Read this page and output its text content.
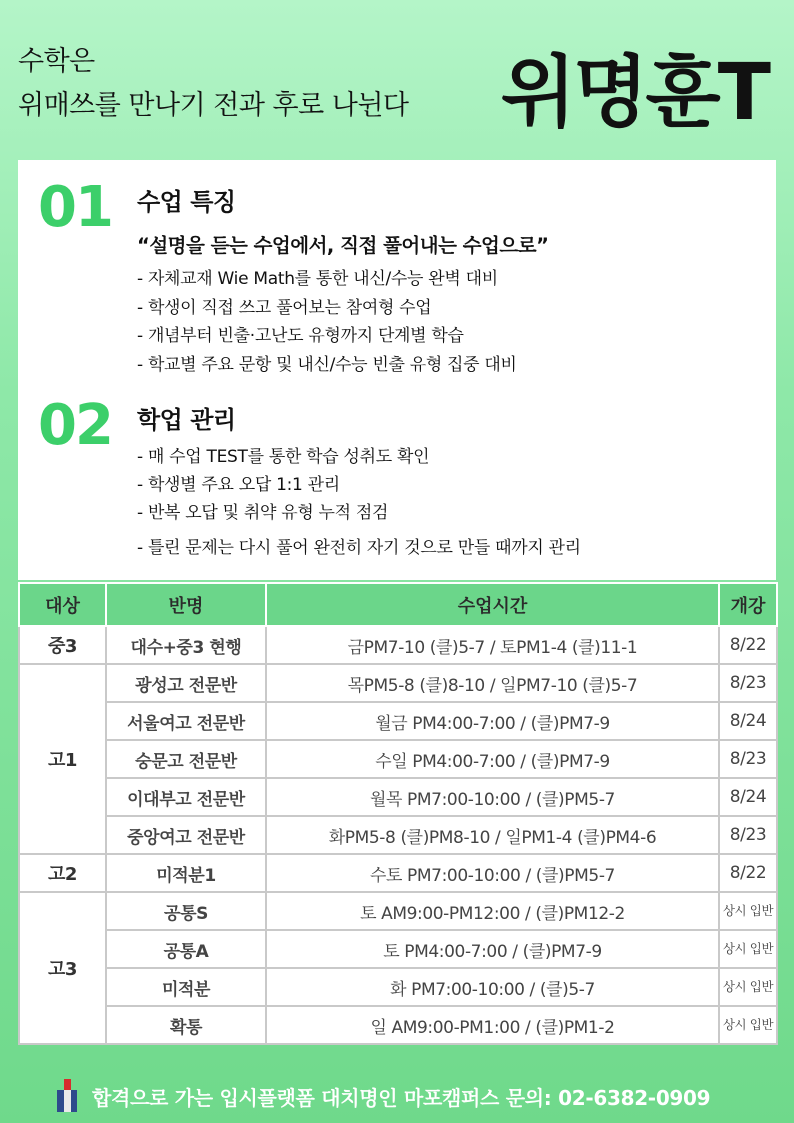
수학은
위매쓰를 만나기 전과 후로 나뉜다 위명훈T
01 수업 특징
“설명을 듣는 수업에서, 직접 풀어내는 수업으로”
- 자체교재 Wie Math를 통한 내신/수능 완벽 대비
- 학생이 직접 쓰고 풀어보는 참여형 수업
- 개념부터 빈출·고난도 유형까지 단계별 학습
- 학교별 주요 문항 및 내신/수능 빈출 유형 집중 대비
02 학업 관리
- 매 수업 TEST를 통한 학습 성취도 확인
- 학생별 주요 오답 1:1 관리
- 반복 오답 및 취약 유형 누적 점검
- 틀린 문제는 다시 풀어 완전히 자기 것으로 만들 때까지 관리
대상	반명	수업시간	개강
중3	대수+중3 현행	금PM7-10 (클)5-7 / 토PM1-4 (클)11-1	8/22
고1	광성고 전문반	목PM5-8 (클)8-10 / 일PM7-10 (클)5-7	8/23
	서울여고 전문반	월금 PM4:00-7:00 / (클)PM7-9	8/24
	숭문고 전문반	수일 PM4:00-7:00 / (클)PM7-9	8/23
	이대부고 전문반	월목 PM7:00-10:00 / (클)PM5-7	8/24
	중앙여고 전문반	화PM5-8 (클)PM8-10 / 일PM1-4 (클)PM4-6	8/23
고2	미적분1	수토 PM7:00-10:00 / (클)PM5-7	8/22
고3	공통S	토 AM9:00-PM12:00 / (클)PM12-2	상시 입반
	공통A	토 PM4:00-7:00 / (클)PM7-9	상시 입반
	미적분	화 PM7:00-10:00 / (클)5-7	상시 입반
	확통	일 AM9:00-PM1:00 / (클)PM1-2	상시 입반
합격으로 가는 입시플랫폼 대치명인 마포캠퍼스 문의: 02-6382-0909
